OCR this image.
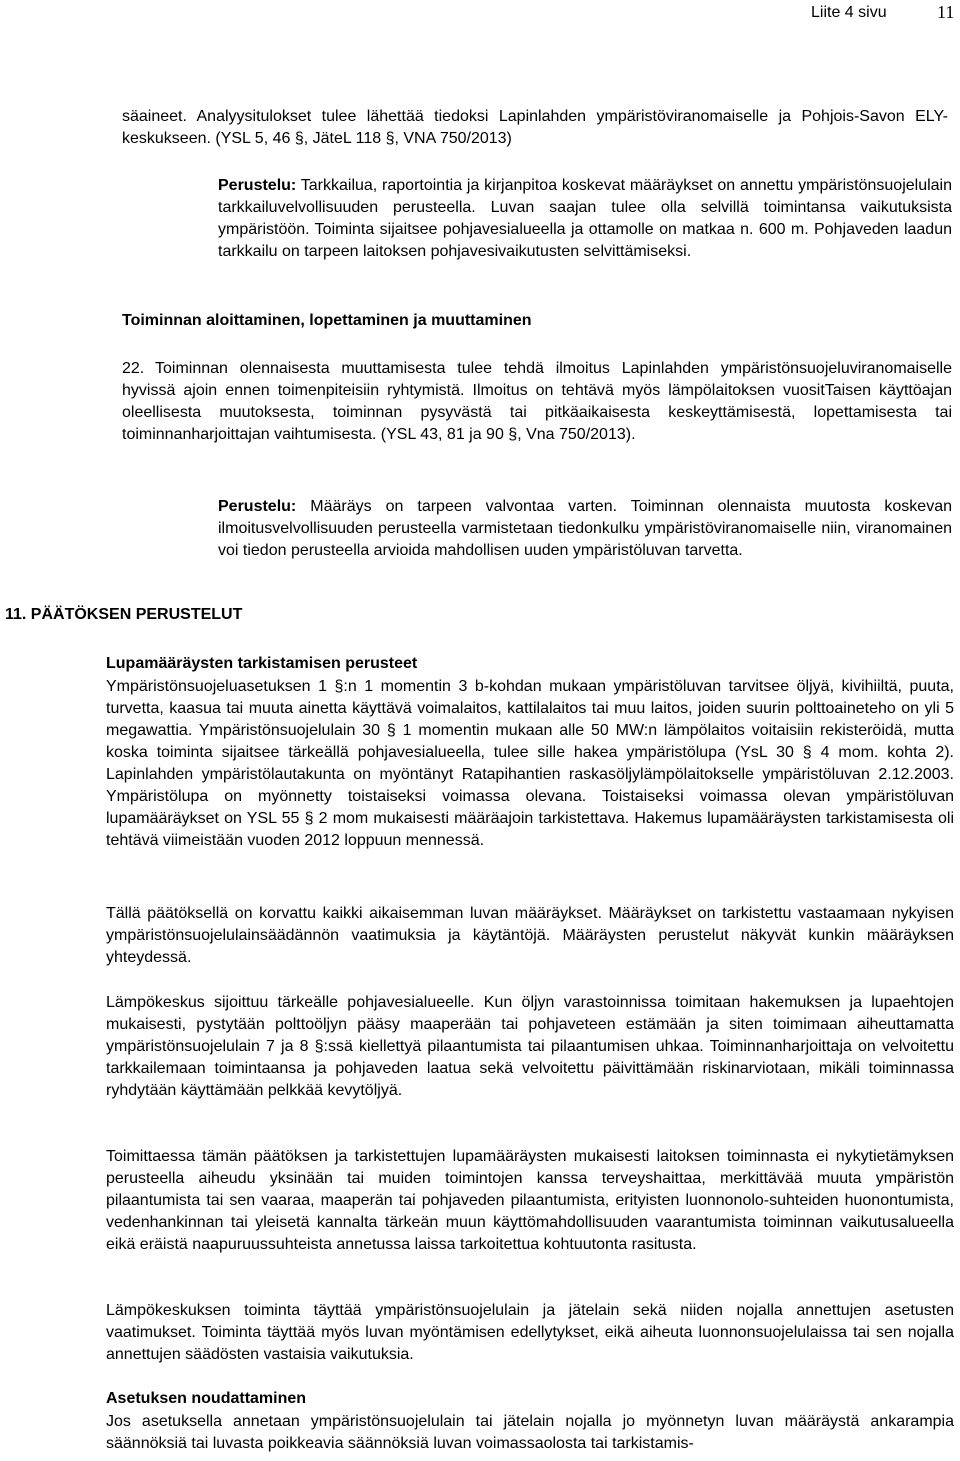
Liite 4 sivu	11

säaineet. Analyysitulokset tulee lähettää tiedoksi Lapinlahden ympäristöviranomaiselle ja Pohjois-Savon ELY-keskukseen. (YSL 5, 46 §, JäteL 118 §, VNA 750/2013)

Perustelu: Tarkkailua, raportointia ja kirjanpitoa koskevat määräykset on annettu ympäristönsuojelulain tarkkailuvelvollisuuden perusteella. Luvan saajan tulee olla selvillä toimintansa vaikutuksista ympäristöön. Toiminta sijaitsee pohjavesialueella ja ottamolle on matkaa n. 600 m. Pohjaveden laadun tarkkailu on tarpeen laitoksen pohjavesivaikutusten selvittämiseksi.

Toiminnan aloittaminen, lopettaminen ja muuttaminen
22. Toiminnan olennaisesta muuttamisesta tulee tehdä ilmoitus Lapinlahden ympäristönsuojeluviranomaiselle hyvissä ajoin ennen toimenpiteisiin ryhtymistä. Ilmoitus on tehtävä myös lämpölaitoksen vuositTaisen käyttöajan oleellisesta muutoksesta, toiminnan pysyvästä tai pitkäaikaisesta keskeyttämisestä, lopettamisesta tai toiminnanharjoittajan vaihtumisesta. (YSL 43, 81 ja 90 §, Vna 750/2013).

Perustelu: Määräys on tarpeen valvontaa varten. Toiminnan olennaista muutosta koskevan ilmoitusvelvollisuuden perusteella varmistetaan tiedonkulku ympäristöviranomaiselle niin, viranomainen voi tiedon perusteella arvioida mahdollisen uuden ympäristöluvan tarvetta.

11. PÄÄTÖKSEN PERUSTELUT
Lupamääräysten tarkistamisen perusteet

Ympäristönsuojeluasetuksen 1 §:n 1 momentin 3 b-kohdan mukaan ympäristöluvan tarvitsee öljyä, kivihiiltä, puuta, turvetta, kaasua tai muuta ainetta käyttävä voimalaitos, kattilalaitos tai muu laitos, joiden suurin polttoaineteho on yli 5 megawattia. Ympäristönsuojelulain 30 § 1 momentin mukaan alle 50 MW:n lämpölaitos voitaisiin rekisteröidä, mutta koska toiminta sijaitsee tärkeällä pohjavesialueella, tulee sille hakea ympäristölupa (YsL 30 § 4 mom. kohta 2). Lapinlahden ympäristölautakunta on myöntänyt Ratapihantien raskasöljylämpölaitokselle ympäristöluvan 2.12.2003. Ympäristölupa on myönnetty toistaiseksi voimassa olevana. Toistaiseksi voimassa olevan ympäristöluvan lupamääräykset on YSL 55 § 2 mom mukaisesti määräajoin tarkistettava. Hakemus lupamääräysten tarkistamisesta oli tehtävä viimeistään vuoden 2012 loppuun mennessä.

Tällä päätöksellä on korvattu kaikki aikaisemman luvan määräykset. Määräykset on tarkistettu vastaamaan nykyisen ympäristönsuojelulainsäädännön vaatimuksia ja käytäntöjä. Määräysten perustelut näkyvät kunkin määräyksen yhteydessä.

Lämpökeskus sijoittuu tärkeälle pohjavesialueelle. Kun öljyn varastoinnissa toimitaan hakemuksen ja lupaehtojen mukaisesti, pystytään polttoöljyn pääsy maaperään tai pohjaveteen estämään ja siten toimimaan aiheuttamatta ympäristönsuojelulain 7 ja 8 §:ssä kiellettyä pilaantumista tai pilaantumisen uhkaa. Toiminnanharjoittaja on velvoitettu tarkkailemaan toimintaansa ja pohjaveden laatua sekä velvoitettu päivittämään riskinarviotaan, mikäli toiminnassa ryhdytään käyttämään pelkkää kevytöljyä.

Toimittaessa tämän päätöksen ja tarkistettujen lupamääräysten mukaisesti laitoksen toiminnasta ei nykytietämyksen perusteella aiheudu yksinään tai muiden toimintojen kanssa terveyshaittaa, merkittävää muuta ympäristön pilaantumista tai sen vaaraa, maaperän tai pohjaveden pilaantumista, erityisten luonnonolo-suhteiden huonontumista, vedenhankinnan tai yleisetä kannalta tärkeän muun käyttömahdollisuuden vaarantumista toiminnan vaikutusalueella eikä eräistä naapuruussuhteista annetussa laissa tarkoitettua kohtuutonta rasitusta.

Lämpökeskuksen toiminta täyttää ympäristönsuojelulain ja jätelain sekä niiden nojalla annettujen asetusten vaatimukset. Toiminta täyttää myös luvan myöntämisen edellytykset, eikä aiheuta luonnonsuojelulaissa tai sen nojalla annettujen säädösten vastaisia vaikutuksia.

Asetuksen noudattaminen

Jos asetuksella annetaan ympäristönsuojelulain tai jätelain nojalla jo myönnetyn luvan määräystä ankarampia säännöksiä tai luvasta poikkeavia säännöksiä luvan voimassaolosta tai tarkistamis-
